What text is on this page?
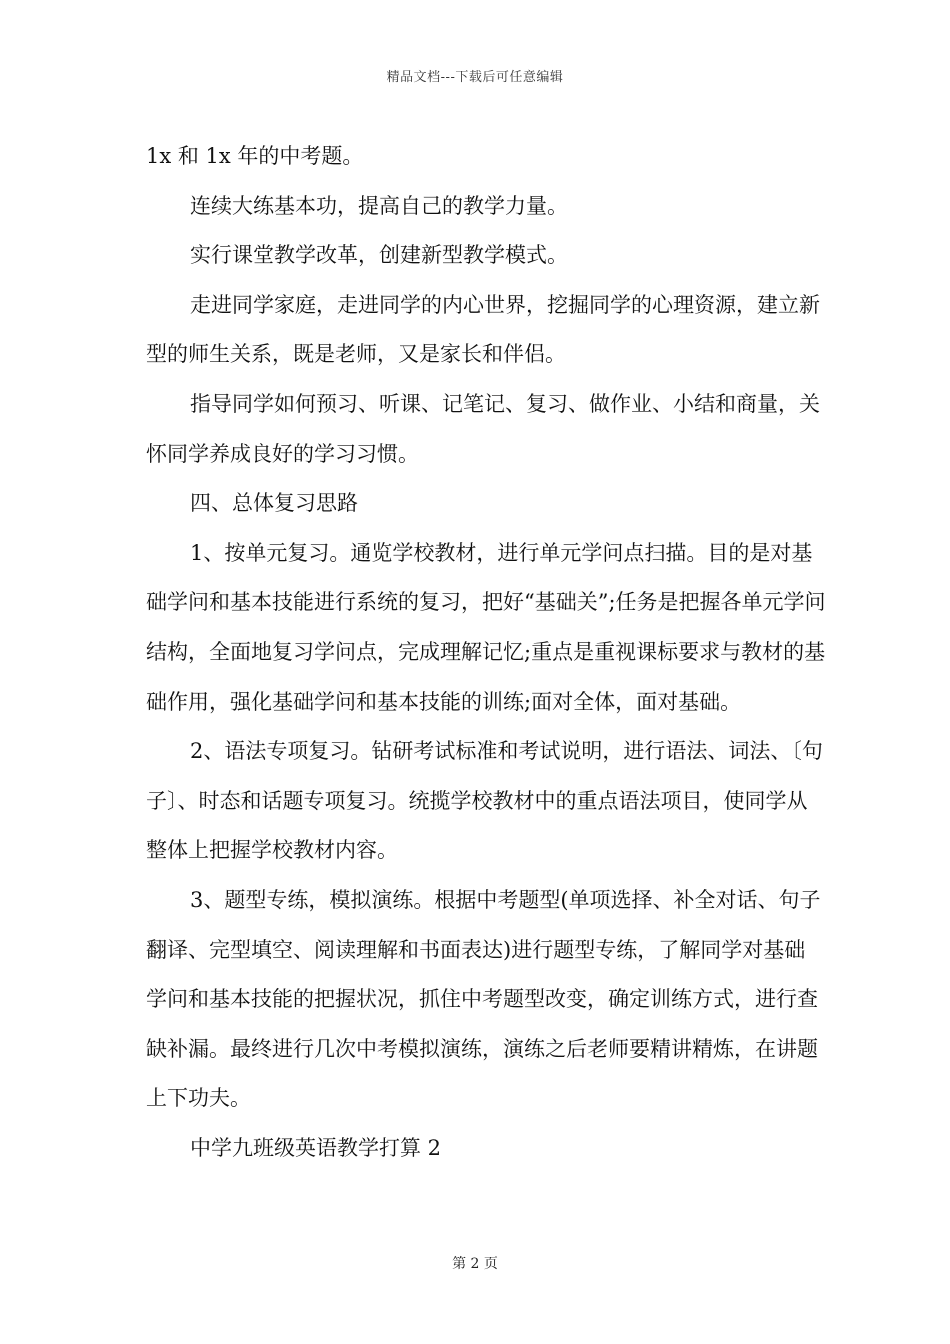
精品文档---下载后可任意编辑

1x 和 1x 年的中考题。

连续大练基本功，提高自己的教学力量。

实行课堂教学改革，创建新型教学模式。

走进同学家庭，走进同学的内心世界，挖掘同学的心理资源，建立新型的师生关系，既是老师，又是家长和伴侣。

指导同学如何预习、听课、记笔记、复习、做作业、小结和商量，关怀同学养成良好的学习习惯。

四、总体复习思路

1、按单元复习。通览学校教材，进行单元学问点扫描。目的是对基础学问和基本技能进行系统的复习，把好“基础关”;任务是把握各单元学问结构，全面地复习学问点，完成理解记忆;重点是重视课标要求与教材的基础作用，强化基础学问和基本技能的训练;面对全体，面对基础。

2、语法专项复习。钻研考试标准和考试说明，进行语法、词法、〔句子〕、时态和话题专项复习。统揽学校教材中的重点语法项目，使同学从整体上把握学校教材内容。

3、题型专练，模拟演练。根据中考题型(单项选择、补全对话、句子翻译、完型填空、阅读理解和书面表达)进行题型专练，了解同学对基础学问和基本技能的把握状况，抓住中考题型改变，确定训练方式，进行查缺补漏。最终进行几次中考模拟演练，演练之后老师要精讲精炼，在讲题上下功夫。

中学九班级英语教学打算 2

第 2 页
